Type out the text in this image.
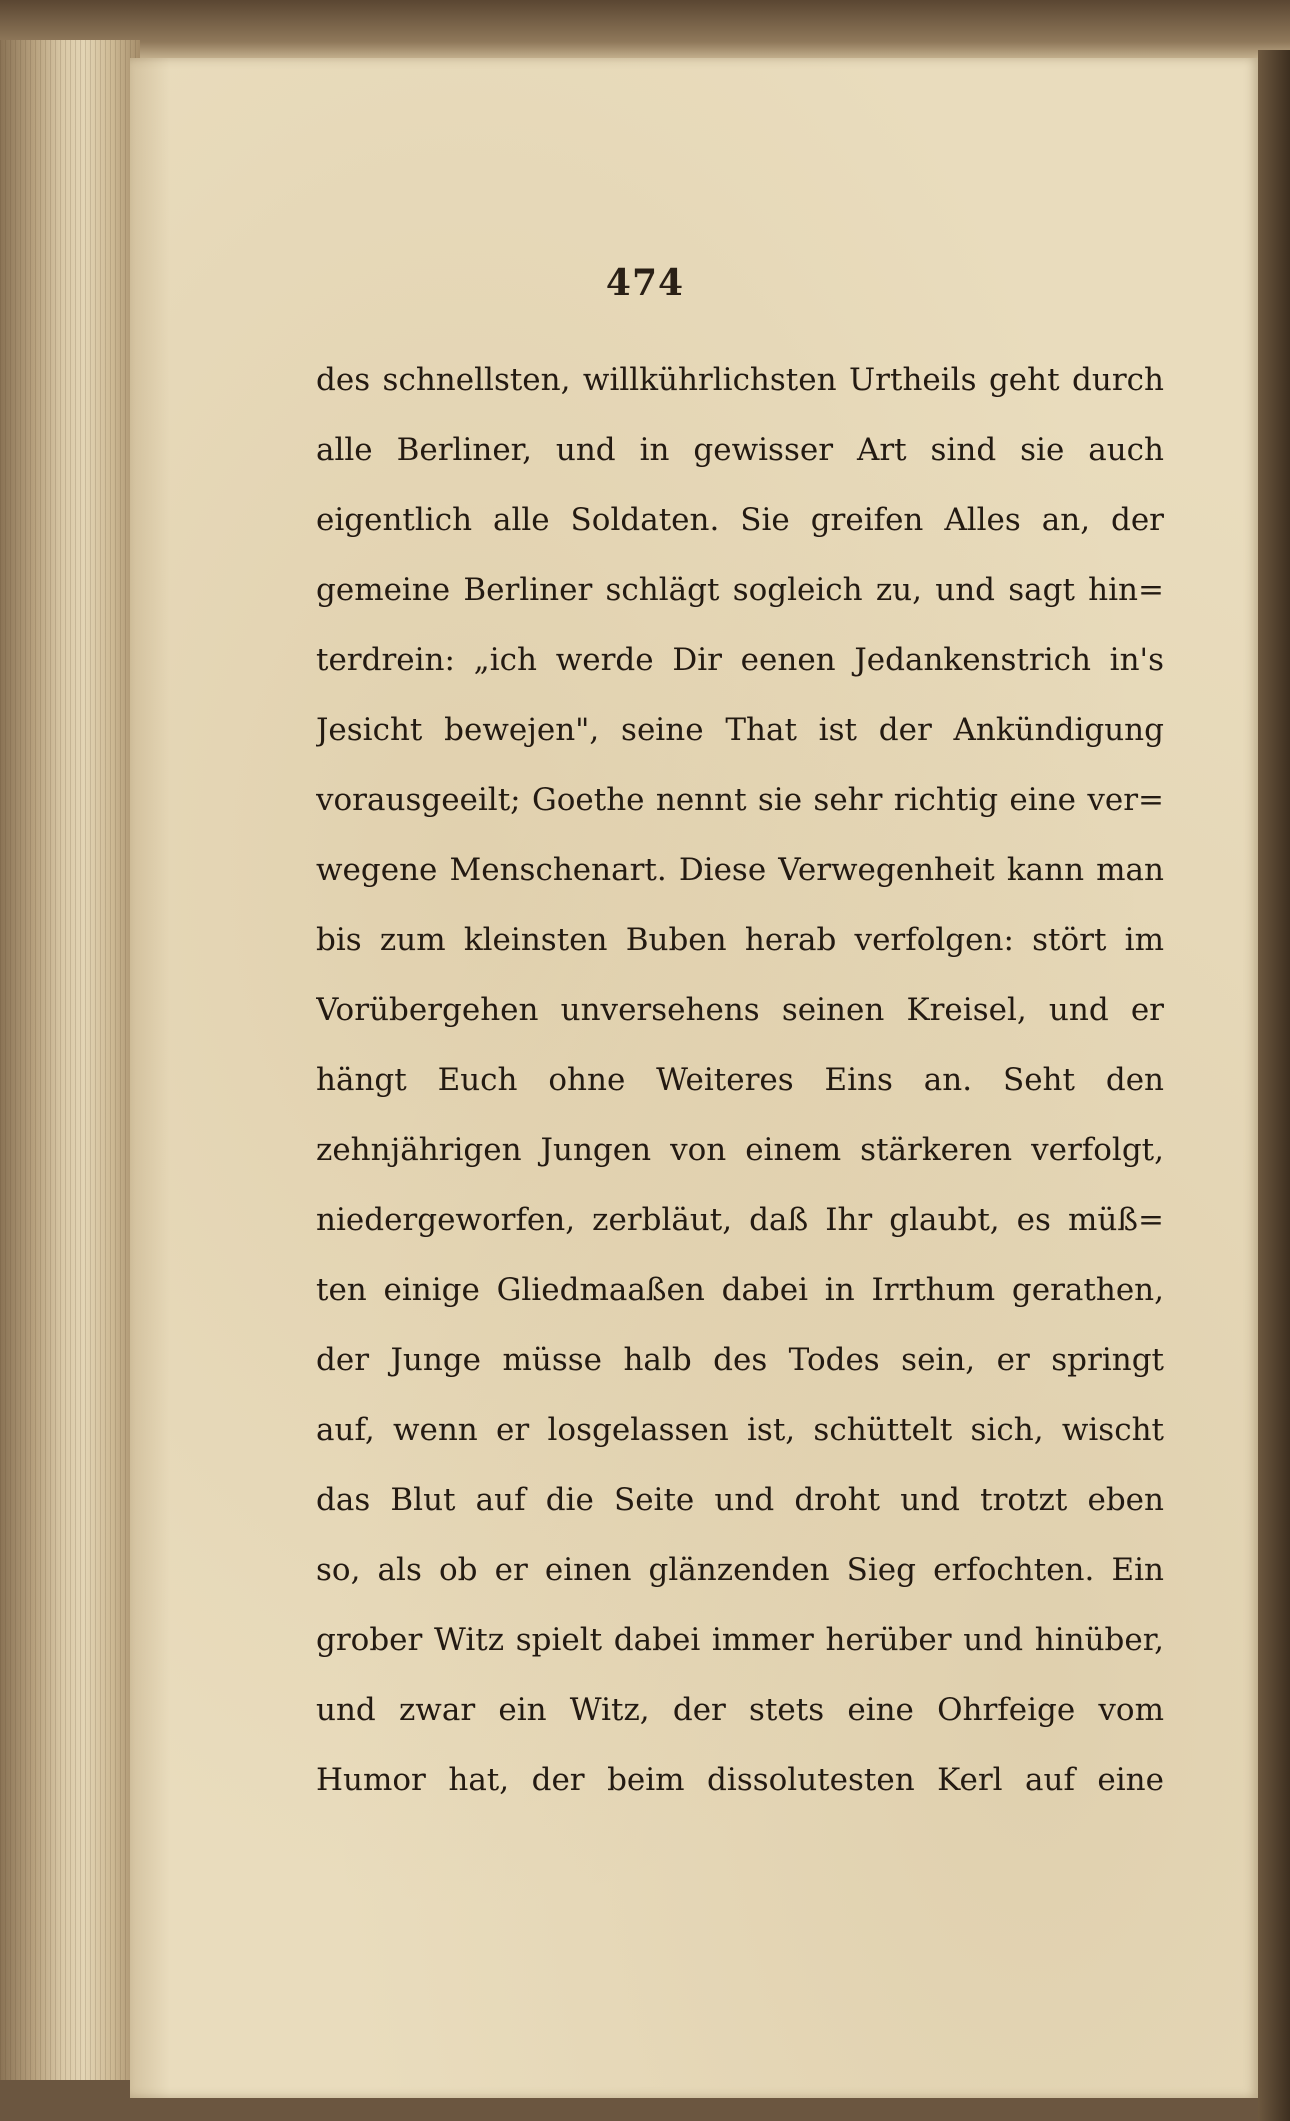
474
des schnellsten, willkührlichsten Urtheils geht durch
alle Berliner, und in gewisser Art sind sie auch
eigentlich alle Soldaten. Sie greifen Alles an, der
gemeine Berliner schlägt sogleich zu, und sagt hin=
terdrein: „ich werde Dir eenen Jedankenstrich in's
Jesicht bewejen", seine That ist der Ankündigung
vorausgeeilt; Goethe nennt sie sehr richtig eine ver=
wegene Menschenart. Diese Verwegenheit kann man
bis zum kleinsten Buben herab verfolgen: stört im
Vorübergehen unversehens seinen Kreisel, und er
hängt Euch ohne Weiteres Eins an. Seht den
zehnjährigen Jungen von einem stärkeren verfolgt,
niedergeworfen, zerbläut, daß Ihr glaubt, es müß=
ten einige Gliedmaaßen dabei in Irrthum gerathen,
der Junge müsse halb des Todes sein, er springt
auf, wenn er losgelassen ist, schüttelt sich, wischt
das Blut auf die Seite und droht und trotzt eben
so, als ob er einen glänzenden Sieg erfochten. Ein
grober Witz spielt dabei immer herüber und hinüber,
und zwar ein Witz, der stets eine Ohrfeige vom
Humor hat, der beim dissolutesten Kerl auf eine
